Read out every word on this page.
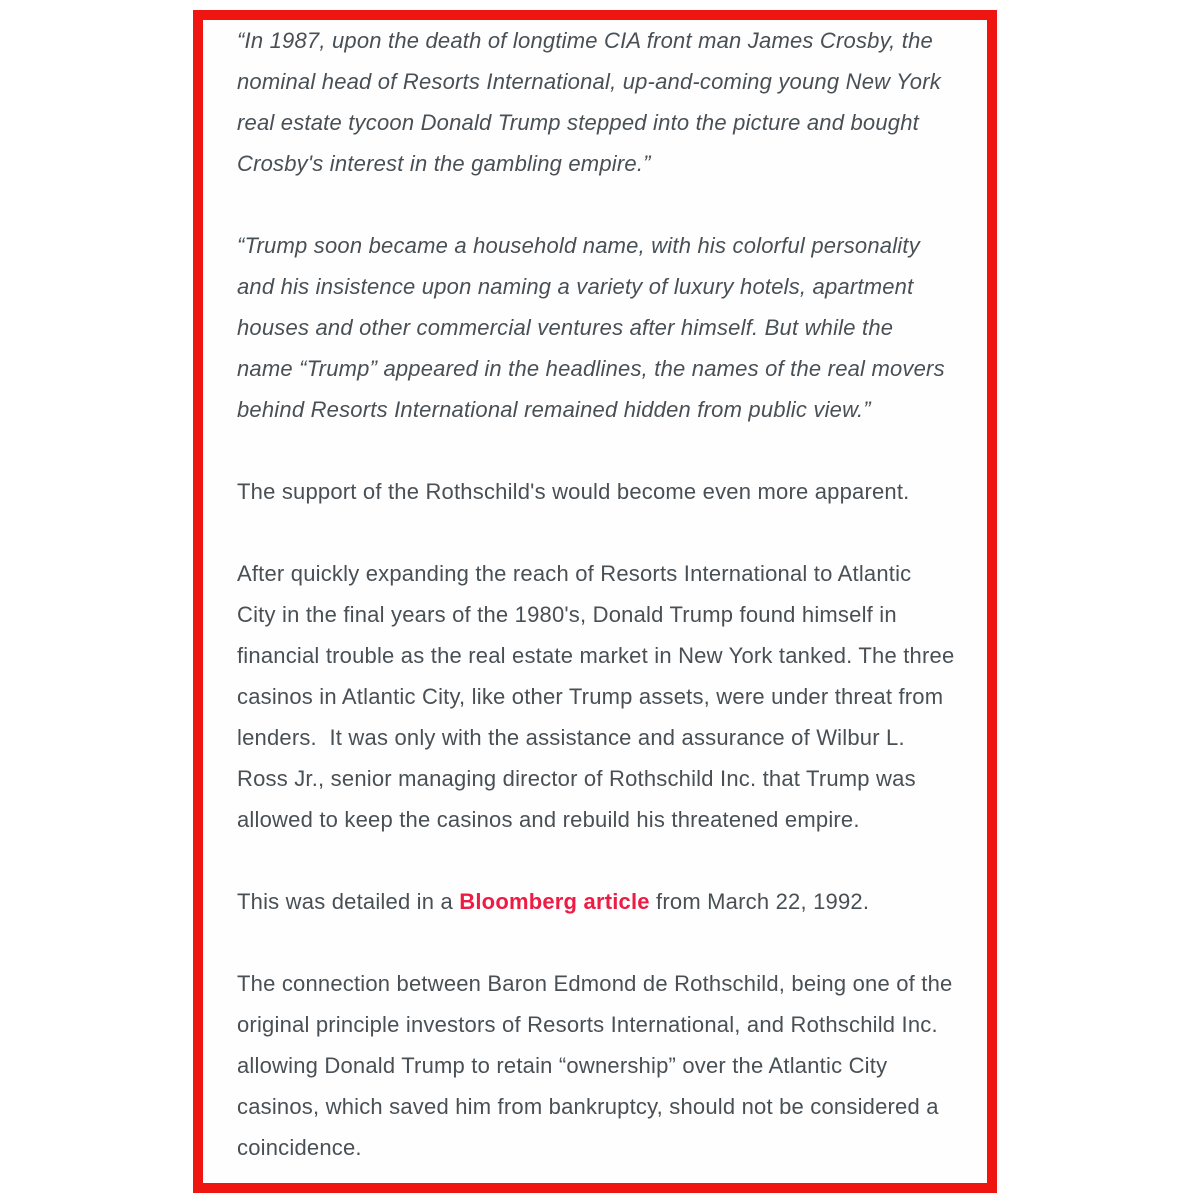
“In 1987, upon the death of longtime CIA front man James Crosby, the nominal head of Resorts International, up-and-coming young New York real estate tycoon Donald Trump stepped into the picture and bought Crosby's interest in the gambling empire.”

“Trump soon became a household name, with his colorful personality and his insistence upon naming a variety of luxury hotels, apartment houses and other commercial ventures after himself. But while the name “Trump” appeared in the headlines, the names of the real movers behind Resorts International remained hidden from public view.”

The support of the Rothschild's would become even more apparent.

After quickly expanding the reach of Resorts International to Atlantic City in the final years of the 1980's, Donald Trump found himself in financial trouble as the real estate market in New York tanked. The three casinos in Atlantic City, like other Trump assets, were under threat from lenders.  It was only with the assistance and assurance of Wilbur L. Ross Jr., senior managing director of Rothschild Inc. that Trump was allowed to keep the casinos and rebuild his threatened empire.

This was detailed in a Bloomberg article from March 22, 1992.

The connection between Baron Edmond de Rothschild, being one of the original principle investors of Resorts International, and Rothschild Inc. allowing Donald Trump to retain “ownership” over the Atlantic City casinos, which saved him from bankruptcy, should not be considered a coincidence.
